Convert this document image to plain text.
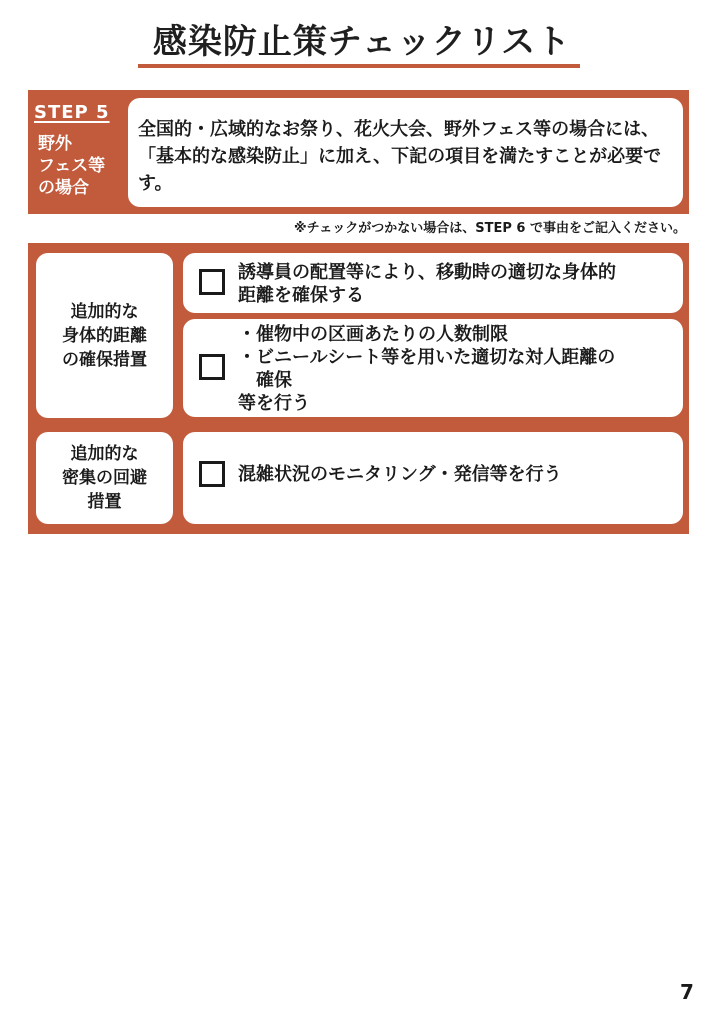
感染防止策チェックリスト
STEP 5
野外
フェス等
の場合
全国的・広域的なお祭り、花火大会、野外フェス等の場合には、「基本的な感染防止」に加え、下記の項目を満たすことが必要です。
※チェックがつかない場合は、STEP 6 で事由をご記入ください。
追加的な
身体的距離
の確保措置
誘導員の配置等により、移動時の適切な身体的
距離を確保する
・催物中の区画あたりの人数制限
・ビニールシート等を用いた適切な対人距離の
　確保
等を行う
追加的な
密集の回避
措置
混雑状況のモニタリング・発信等を行う
7
